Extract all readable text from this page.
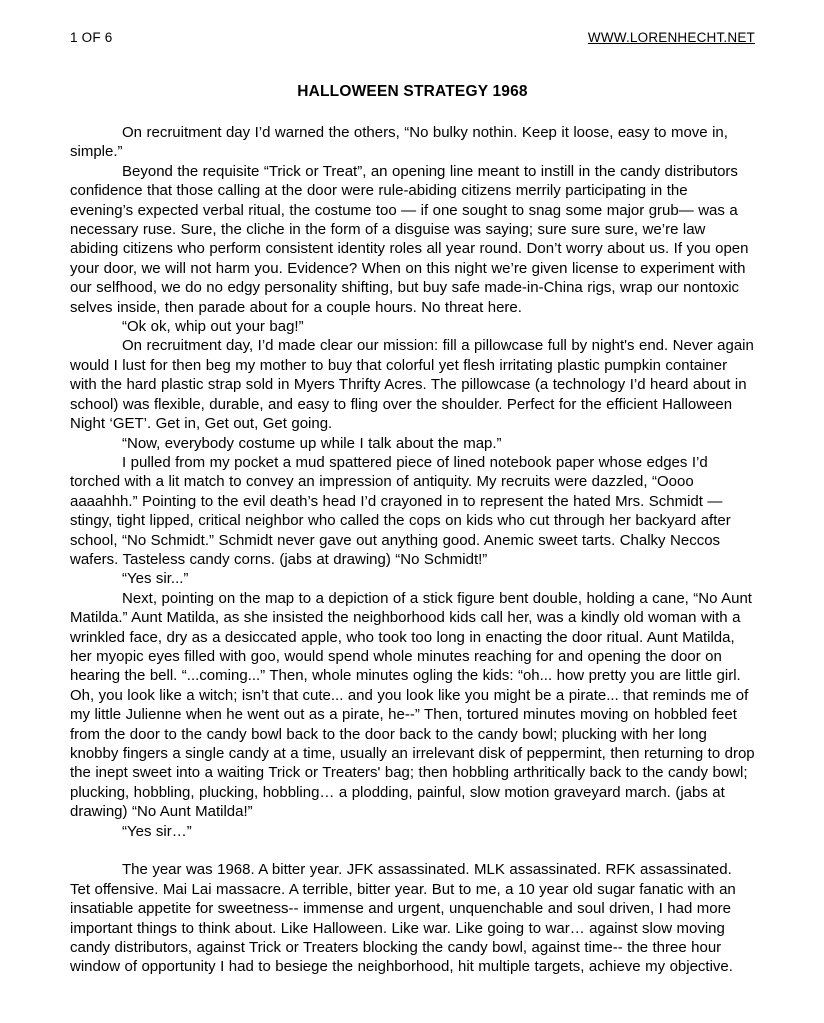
1 OF 6	WWW.LORENHECHT.NET
HALLOWEEN STRATEGY 1968

On recruitment day I’d warned the others, “No bulky nothin. Keep it loose, easy to move in, simple.”

Beyond the requisite “Trick or Treat”, an opening line meant to instill in the candy distributors confidence that those calling at the door were rule-abiding citizens merrily participating in the evening’s expected verbal ritual, the costume too — if one sought to snag some major grub— was a necessary ruse. Sure, the cliche in the form of a disguise was saying; sure sure sure, we’re law abiding citizens who perform consistent identity roles all year round. Don’t worry about us. If you open your door, we will not harm you. Evidence? When on this night we’re given license to experiment with our selfhood, we do no edgy personality shifting, but buy safe made-in-China rigs, wrap our nontoxic selves inside, then parade about for a couple hours. No threat here.

“Ok ok, whip out your bag!”

On recruitment day, I’d made clear our mission: fill a pillowcase full by night's end. Never again would I lust for then beg my mother to buy that colorful yet flesh irritating plastic pumpkin container with the hard plastic strap sold in Myers Thrifty Acres. The pillowcase (a technology I’d heard about in school) was flexible, durable, and easy to fling over the shoulder. Perfect for the efficient Halloween Night ‘GET’. Get in, Get out, Get going.

“Now, everybody costume up while I talk about the map.”

I pulled from my pocket a mud spattered piece of lined notebook paper whose edges I’d torched with a lit match to convey an impression of antiquity. My recruits were dazzled, “Oooo aaaahhh.” Pointing to the evil death’s head I’d crayoned in to represent the hated Mrs. Schmidt — stingy, tight lipped, critical neighbor who called the cops on kids who cut through her backyard after school, “No Schmidt.” Schmidt never gave out anything good. Anemic sweet tarts. Chalky Neccos wafers. Tasteless candy corns. (jabs at drawing) “No Schmidt!”

“Yes sir...”

Next, pointing on the map to a depiction of a stick figure bent double, holding a cane, “No Aunt Matilda.” Aunt Matilda, as she insisted the neighborhood kids call her, was a kindly old woman with a wrinkled face, dry as a desiccated apple, who took too long in enacting the door ritual. Aunt Matilda, her myopic eyes filled with goo, would spend whole minutes reaching for and opening the door on hearing the bell. “...coming...” Then, whole minutes ogling the kids: “oh... how pretty you are little girl. Oh, you look like a witch; isn’t that cute... and you look like you might be a pirate... that reminds me of my little Julienne when he went out as a pirate, he--” Then, tortured minutes moving on hobbled feet from the door to the candy bowl back to the door back to the candy bowl; plucking with her long knobby fingers a single candy at a time, usually an irrelevant disk of peppermint, then returning to drop the inept sweet into a waiting Trick or Treaters' bag; then hobbling arthritically back to the candy bowl; plucking, hobbling, plucking, hobbling… a plodding, painful, slow motion graveyard march. (jabs at drawing) “No Aunt Matilda!”

“Yes sir…”

The year was 1968. A bitter year. JFK assassinated. MLK assassinated. RFK assassinated. Tet offensive. Mai Lai massacre. A terrible, bitter year. But to me, a 10 year old sugar fanatic with an insatiable appetite for sweetness-- immense and urgent, unquenchable and soul driven, I had more important things to think about. Like Halloween. Like war. Like going to war… against slow moving candy distributors, against Trick or Treaters blocking the candy bowl, against time-- the three hour window of opportunity I had to besiege the neighborhood, hit multiple targets, achieve my objective.
